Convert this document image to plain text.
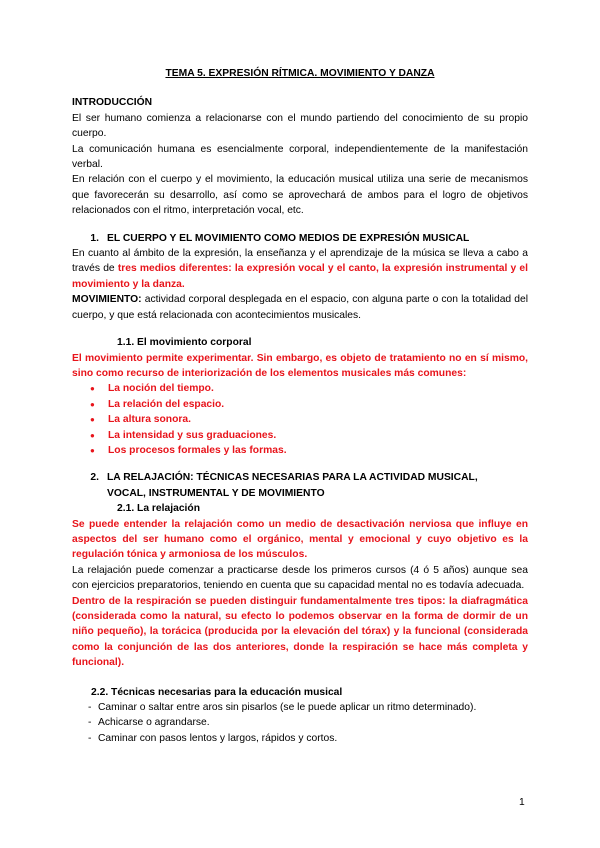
TEMA 5. EXPRESIÓN RÍTMICA. MOVIMIENTO Y DANZA

INTRODUCCIÓN

El ser humano comienza a relacionarse con el mundo partiendo del conocimiento de su propio cuerpo.

La comunicación humana es esencialmente corporal, independientemente de la manifestación verbal.

En relación con el cuerpo y el movimiento, la educación musical utiliza una serie de mecanismos que favorecerán su desarrollo, así como se aprovechará de ambos para el logro de objetivos relacionados con el ritmo, interpretación vocal, etc.

1. EL CUERPO Y EL MOVIMIENTO COMO MEDIOS DE EXPRESIÓN MUSICAL

En cuanto al ámbito de la expresión, la enseñanza y el aprendizaje de la música se lleva a cabo a través de tres medios diferentes: la expresión vocal y el canto, la expresión instrumental y el movimiento y la danza.

MOVIMIENTO: actividad corporal desplegada en el espacio, con alguna parte o con la totalidad del cuerpo, y que está relacionada con acontecimientos musicales.

1.1. El movimiento corporal

El movimiento permite experimentar. Sin embargo, es objeto de tratamiento no en sí mismo, sino como recurso de interiorización de los elementos musicales más comunes:

● La noción del tiempo.
● La relación del espacio.
● La altura sonora.
● La intensidad y sus graduaciones.
● Los procesos formales y las formas.

2. LA RELAJACIÓN: TÉCNICAS NECESARIAS PARA LA ACTIVIDAD MUSICAL,

VOCAL, INSTRUMENTAL Y DE MOVIMIENTO

2.1. La relajación

Se puede entender la relajación como un medio de desactivación nerviosa que influye en aspectos del ser humano como el orgánico, mental y emocional y cuyo objetivo es la regulación tónica y armoniosa de los músculos.

La relajación puede comenzar a practicarse desde los primeros cursos (4 ó 5 años) aunque sea con ejercicios preparatorios, teniendo en cuenta que su capacidad mental no es todavía adecuada.

Dentro de la respiración se pueden distinguir fundamentalmente tres tipos: la diafragmática (considerada como la natural, su efecto lo podemos observar en la forma de dormir de un niño pequeño), la torácica (producida por la elevación del tórax) y la funcional (considerada como la conjunción de las dos anteriores, donde la respiración se hace más completa y funcional).

2.2. Técnicas necesarias para la educación musical

- Caminar o saltar entre aros sin pisarlos (se le puede aplicar un ritmo determinado).
- Achicarse o agrandarse.
- Caminar con pasos lentos y largos, rápidos y cortos.
1
